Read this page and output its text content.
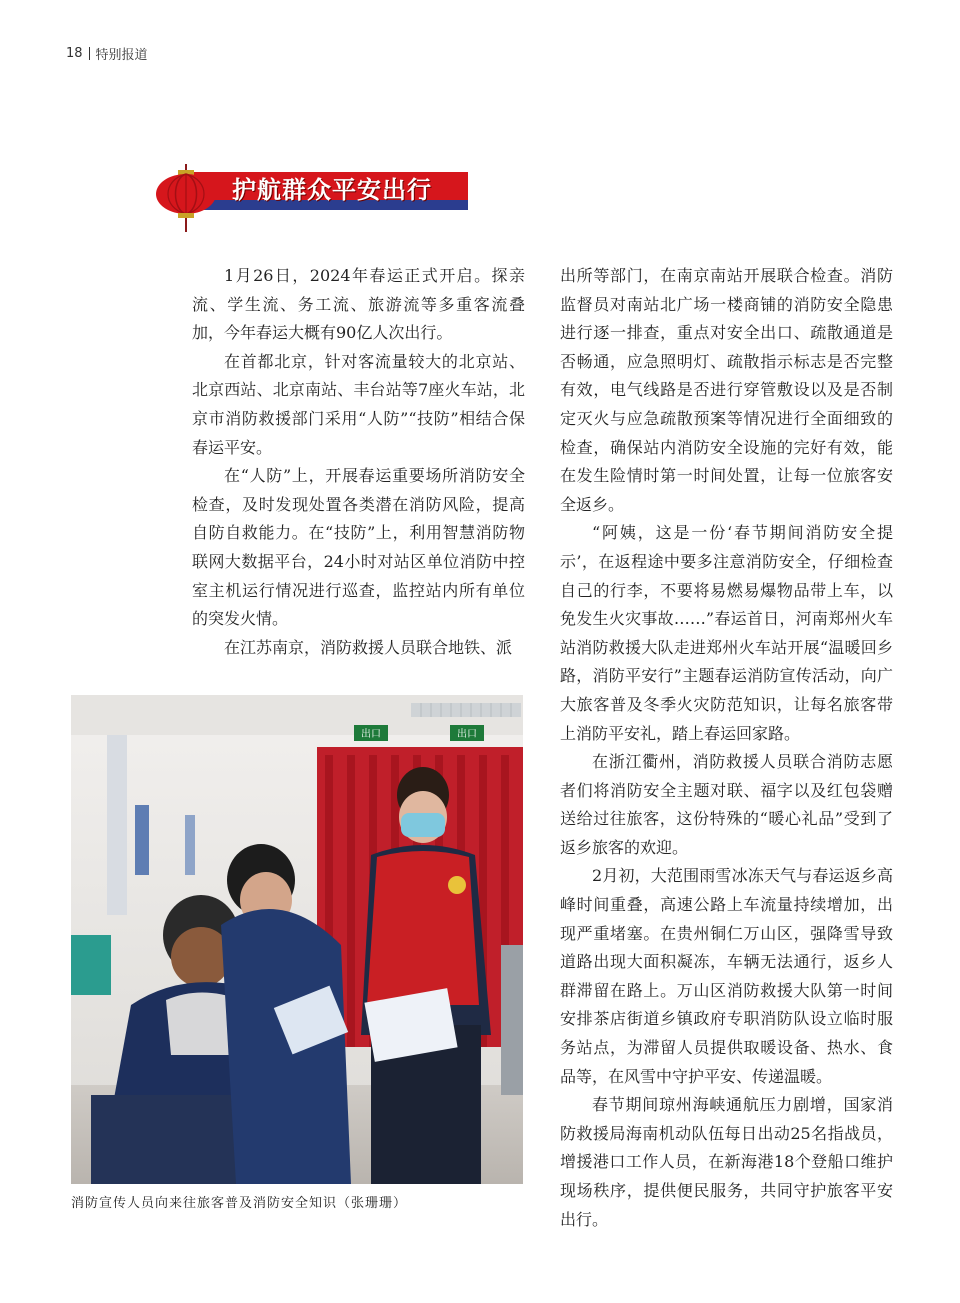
18 特别报道
护航群众平安出行

1月26日，2024年春运正式开启。探亲流、学生流、务工流、旅游流等多重客流叠加，今年春运大概有90亿人次出行。

在首都北京，针对客流量较大的北京站、北京西站、北京南站、丰台站等7座火车站，北京市消防救援部门采用“人防”“技防”相结合保春运平安。

在“人防”上，开展春运重要场所消防安全检查，及时发现处置各类潜在消防风险，提高自防自救能力。在“技防”上，利用智慧消防物联网大数据平台，24小时对站区单位消防中控室主机运行情况进行巡查，监控站内所有单位的突发火情。

在江苏南京，消防救援人员联合地铁、派

出所等部门，在南京南站开展联合检查。消防监督员对南站北广场一楼商铺的消防安全隐患进行逐一排查，重点对安全出口、疏散通道是否畅通，应急照明灯、疏散指示标志是否完整有效，电气线路是否进行穿管敷设以及是否制定灭火与应急疏散预案等情况进行全面细致的检查，确保站内消防安全设施的完好有效，能在发生险情时第一时间处置，让每一位旅客安全返乡。

“阿姨，这是一份‘春节期间消防安全提示’，在返程途中要多注意消防安全，仔细检查自己的行李，不要将易燃易爆物品带上车，以免发生火灾事故……”春运首日，河南郑州火车站消防救援大队走进郑州火车站开展“温暖回乡路，消防平安行”主题春运消防宣传活动，向广大旅客普及冬季火灾防范知识，让每名旅客带上消防平安礼，踏上春运回家路。

在浙江衢州，消防救援人员联合消防志愿者们将消防安全主题对联、福字以及红包袋赠送给过往旅客，这份特殊的“暖心礼品”受到了返乡旅客的欢迎。

2月初，大范围雨雪冰冻天气与春运返乡高峰时间重叠，高速公路上车流量持续增加，出现严重堵塞。在贵州铜仁万山区，强降雪导致道路出现大面积凝冻，车辆无法通行，返乡人群滞留在路上。万山区消防救援大队第一时间安排茶店街道乡镇政府专职消防队设立临时服务站点，为滞留人员提供取暖设备、热水、食品等，在风雪中守护平安、传递温暖。

春节期间琼州海峡通航压力剧增，国家消防救援局海南机动队伍每日出动25名指战员，增援港口工作人员，在新海港18个登船口维护现场秩序，提供便民服务，共同守护旅客平安出行。

出口	出口
消防宣传人员向来往旅客普及消防安全知识（张珊珊）
